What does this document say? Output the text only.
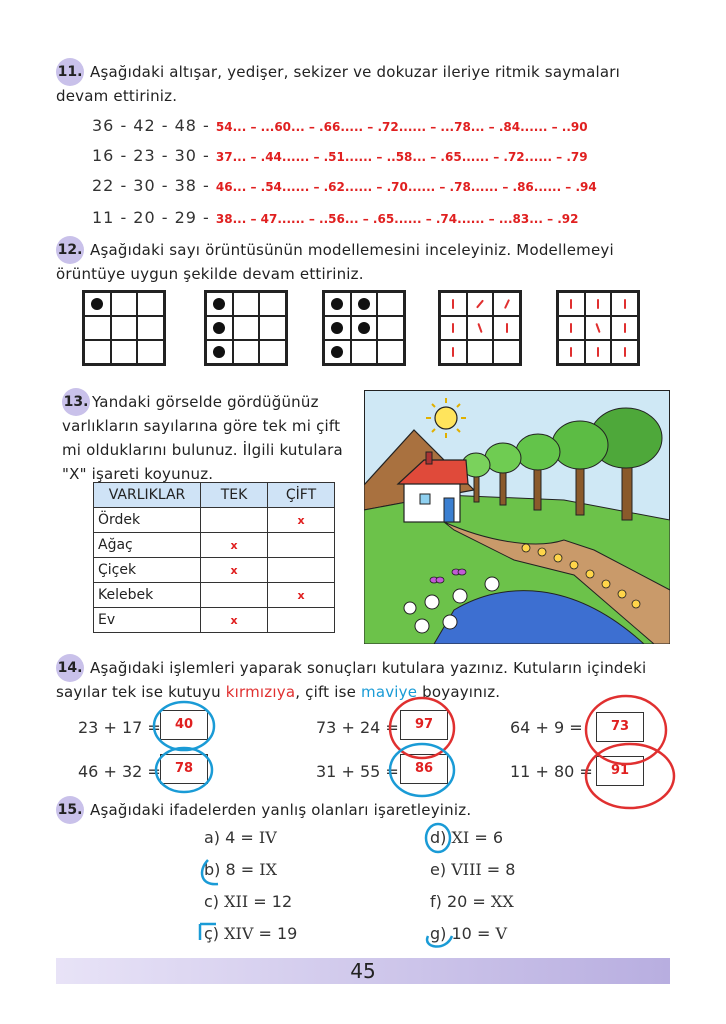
11. Aşağıdaki altışar, yedişer, sekizer ve dokuzar ileriye ritmik saymaları devam ettiriniz.
36 - 42 - 48 - 54... – ...60... – .66..... – .72...... – ...78... – .84...... – ..90
16 - 23 - 30 - 37... – .44...... – .51...... – ..58... – .65...... – .72...... – .79
22 - 30 - 38 - 46... – .54...... – .62...... – .70...... – .78...... – .86...... – .94
11 - 20 - 29 - 38... – 47...... – ..56... – .65...... – .74...... – ...83... – .92
12. Aşağıdaki sayı örüntüsünün modellemesini inceleyiniz. Modellemeyi örüntüye uygun şekilde devam ettiriniz.
13. Yandaki görselde gördüğünüz varlıkların sayılarına göre tek mi çift mi olduklarını bulunuz. İlgili kutulara "X" işareti koyunuz.
VARLIKLAR	TEK	ÇİFT
Ördek		x
Ağaç	x	
Çiçek	x	
Kelebek		x
Ev	x	
14. Aşağıdaki işlemleri yaparak sonuçları kutulara yazınız. Kutuların içindeki sayılar tek ise kutuyu kırmızıya, çift ise maviye boyayınız.
23 + 17 =	40	73 + 24 =	97	64 + 9 =	73
46 + 32 =	78	31 + 55 =	86	11 + 80 =	91
15. Aşağıdaki ifadelerden yanlış olanları işaretleyiniz.
a) 4 = IV
b) 8 = IX
c) XII = 12
ç) XIV = 19
d) XI = 6
e) VIII = 8
f) 20 = XX
g) 10 = V
45
